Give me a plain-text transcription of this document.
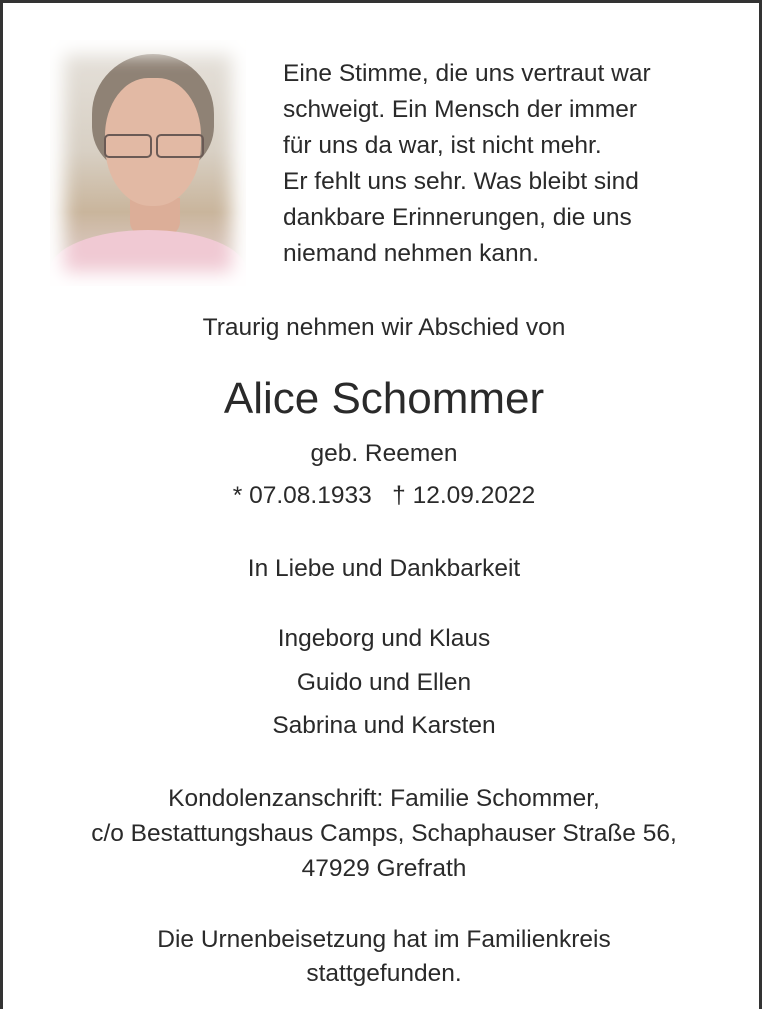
Eine Stimme, die uns vertraut war
schweigt. Ein Mensch der immer
für uns da war, ist nicht mehr.
Er fehlt uns sehr. Was bleibt sind
dankbare Erinnerungen, die uns
niemand nehmen kann.
Traurig nehmen wir Abschied von
Alice Schommer
geb. Reemen
* 07.08.1933   † 12.09.2022
In Liebe und Dankbarkeit
Ingeborg und Klaus
Guido und Ellen
Sabrina und Karsten
Kondolenzanschrift: Familie Schommer,
c/o Bestattungshaus Camps, Schaphauser Straße 56,
47929 Grefrath
Die Urnenbeisetzung hat im Familienkreis
stattgefunden.
